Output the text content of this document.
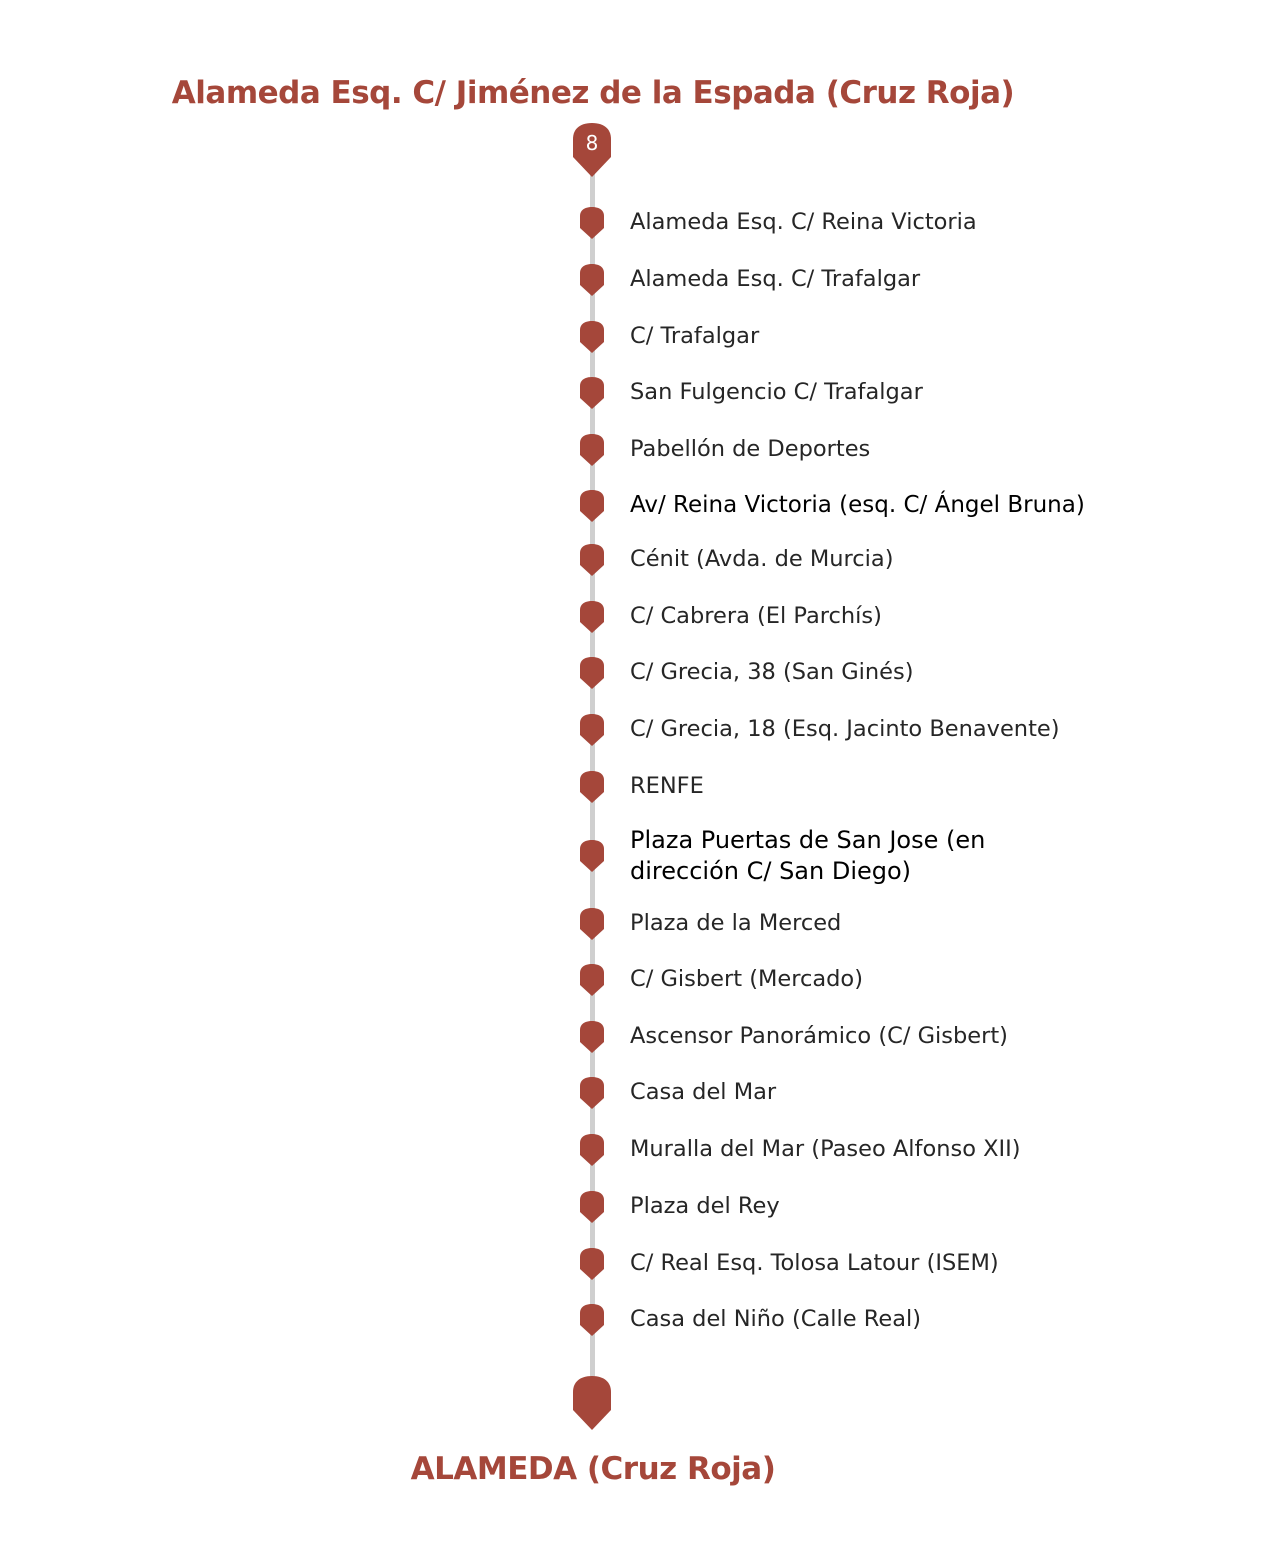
Alameda Esq. C/ Jiménez de la Espada (Cruz Roja)
8
Alameda Esq. C/ Reina Victoria
Alameda Esq. C/ Trafalgar
C/ Trafalgar
San Fulgencio C/ Trafalgar
Pabellón de Deportes
Av/ Reina Victoria (esq. C/ Ángel Bruna)
Cénit (Avda. de Murcia)
C/ Cabrera (El Parchís)
C/ Grecia, 38 (San Ginés)
C/ Grecia, 18 (Esq. Jacinto Benavente)
RENFE
Plaza Puertas de San Jose (en dirección C/ San Diego)
Plaza de la Merced
C/ Gisbert (Mercado)
Ascensor Panorámico (C/ Gisbert)
Casa del Mar
Muralla del Mar (Paseo Alfonso XII)
Plaza del Rey
C/ Real Esq. Tolosa Latour (ISEM)
Casa del Niño (Calle Real)
ALAMEDA (Cruz Roja)
